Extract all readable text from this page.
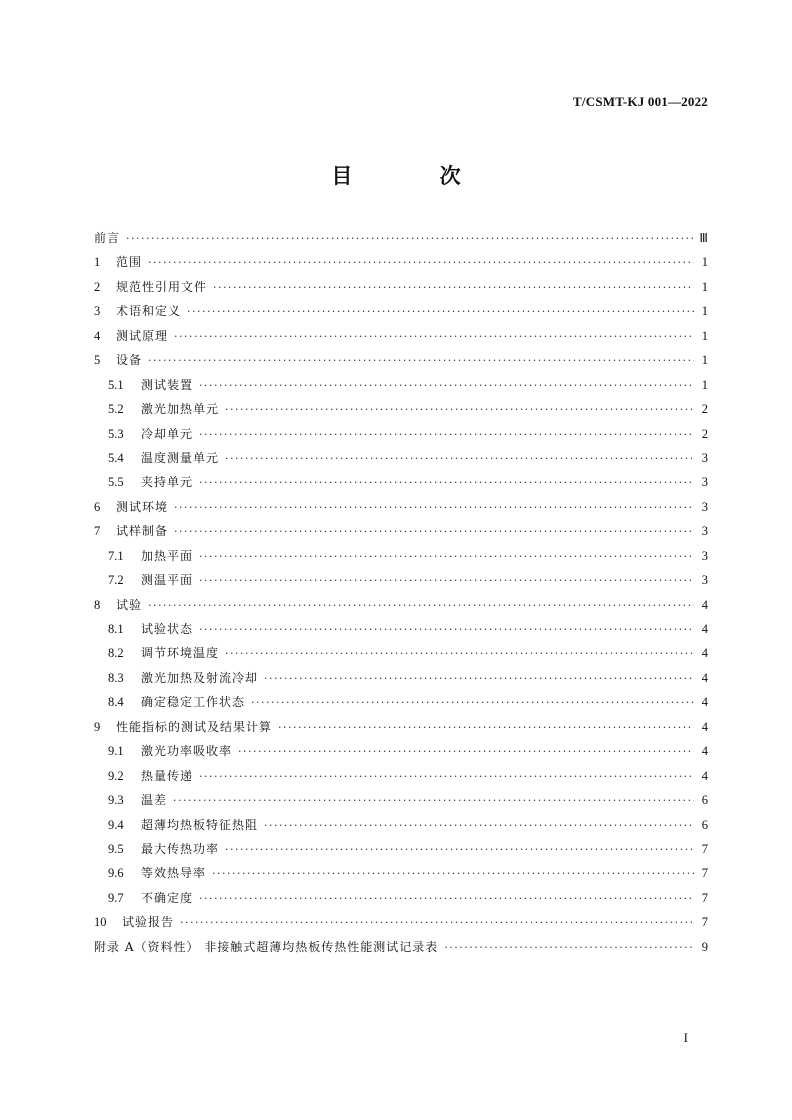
T/CSMT-KJ 001—2022
目 次
前言 ·····	Ⅲ
1	范围 ·····	1
2	规范性引用文件 ·····	1
3	术语和定义 ·····	1
4	测试原理 ·····	1
5	设备 ·····	1
5.1	测试装置 ·····	1
5.2	激光加热单元 ·····	2
5.3	冷却单元 ·····	2
5.4	温度测量单元 ·····	3
5.5	夹持单元 ·····	3
6	测试环境 ·····	3
7	试样制备 ·····	3
7.1	加热平面 ·····	3
7.2	测温平面 ·····	3
8	试验 ·····	4
8.1	试验状态 ·····	4
8.2	调节环境温度 ·····	4
8.3	激光加热及射流冷却 ·····	4
8.4	确定稳定工作状态 ·····	4
9	性能指标的测试及结果计算 ·····	4
9.1	激光功率吸收率 ·····	4
9.2	热量传递 ·····	4
9.3	温差 ·····	6
9.4	超薄均热板特征热阻 ·····	6
9.5	最大传热功率 ·····	7
9.6	等效热导率 ·····	7
9.7	不确定度 ·····	7
10	试验报告 ·····	7
附录 A（资料性） 非接触式超薄均热板传热性能测试记录表 ·····	9
I
